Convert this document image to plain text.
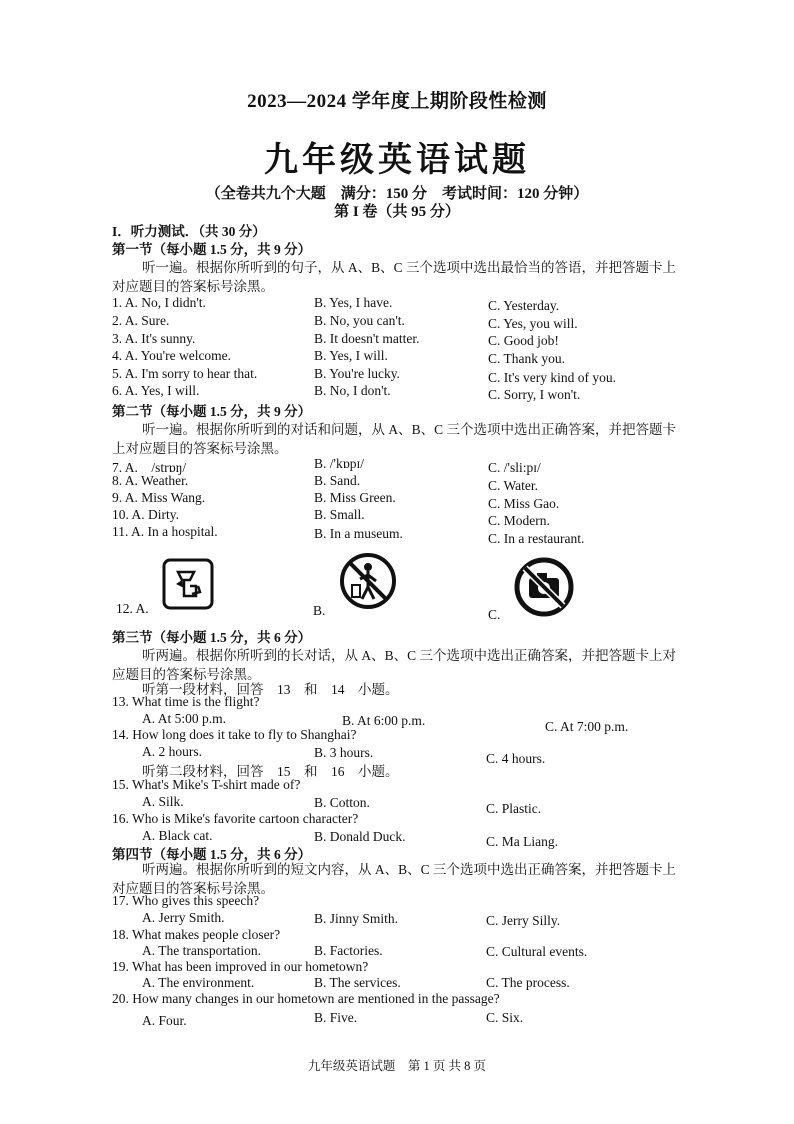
2023—2024 学年度上期阶段性检测
九年级英语试题
（全卷共九个大题　满分：150 分　考试时间：120 分钟）
第 I 卷（共 95 分）
I．听力测试．（共 30 分）
第一节（每小题 1.5 分，共 9 分）
听一遍。根据你所听到的句子，从 A、B、C 三个选项中选出最恰当的答语，并把答题卡上对应题目的答案标号涂黑。
1. A. No, I didn't.	B. Yes, I have.	C. Yesterday.
2. A. Sure.	B. No, you can't.	C. Yes, you will.
3. A. It's sunny.	B. It doesn't matter.	C. Good job!
4. A. You're welcome.	B. Yes, I will.	C. Thank you.
5. A. I'm sorry to hear that.	B. You're lucky.	C. It's very kind of you.
6. A. Yes, I will.	B. No, I don't.	C. Sorry, I won't.
第二节（每小题 1.5 分，共 9 分）
听一遍。根据你所听到的对话和问题，从 A、B、C 三个选项中选出正确答案，并把答题卡上对应题目的答案标号涂黑。
7. A.　/strɒŋ/	B. /'kɒpɪ/	C. /'sli:pɪ/
8. A. Weather.	B. Sand.	C. Water.
9. A. Miss Wang.	B. Miss Green.	C. Miss Gao.
10. A. Dirty.	B. Small.	C. Modern.
11. A. In a hospital.	B. In a museum.	C. In a restaurant.
12. A.	B.	C.
第三节（每小题 1.5 分，共 6 分）
听两遍。根据你所听到的长对话，从 A、B、C 三个选项中选出正确答案，并把答题卡上对应题目的答案标号涂黑。
听第一段材料，回答　13　和　14　小题。
13. What time is the flight?
A. At 5:00 p.m.	B. At 6:00 p.m.	C. At 7:00 p.m.
14. How long does it take to fly to Shanghai?
A. 2 hours.	B. 3 hours.	C. 4 hours.
听第二段材料，回答　15　和　16　小题。
15. What's Mike's T-shirt made of?
A. Silk.	B. Cotton.	C. Plastic.
16. Who is Mike's favorite cartoon character?
A. Black cat.	B. Donald Duck.	C. Ma Liang.
第四节（每小题 1.5 分，共 6 分）
听两遍。根据你所听到的短文内容，从 A、B、C 三个选项中选出正确答案，并把答题卡上对应题目的答案标号涂黑。
17. Who gives this speech?
A. Jerry Smith.	B. Jinny Smith.	C. Jerry Silly.
18. What makes people closer?
A. The transportation.	B. Factories.	C. Cultural events.
19. What has been improved in our hometown?
A. The environment.	B. The services.	C. The process.
20. How many changes in our hometown are mentioned in the passage?
A. Four.	B. Five.	C. Six.
九年级英语试题　第 1 页 共 8 页
